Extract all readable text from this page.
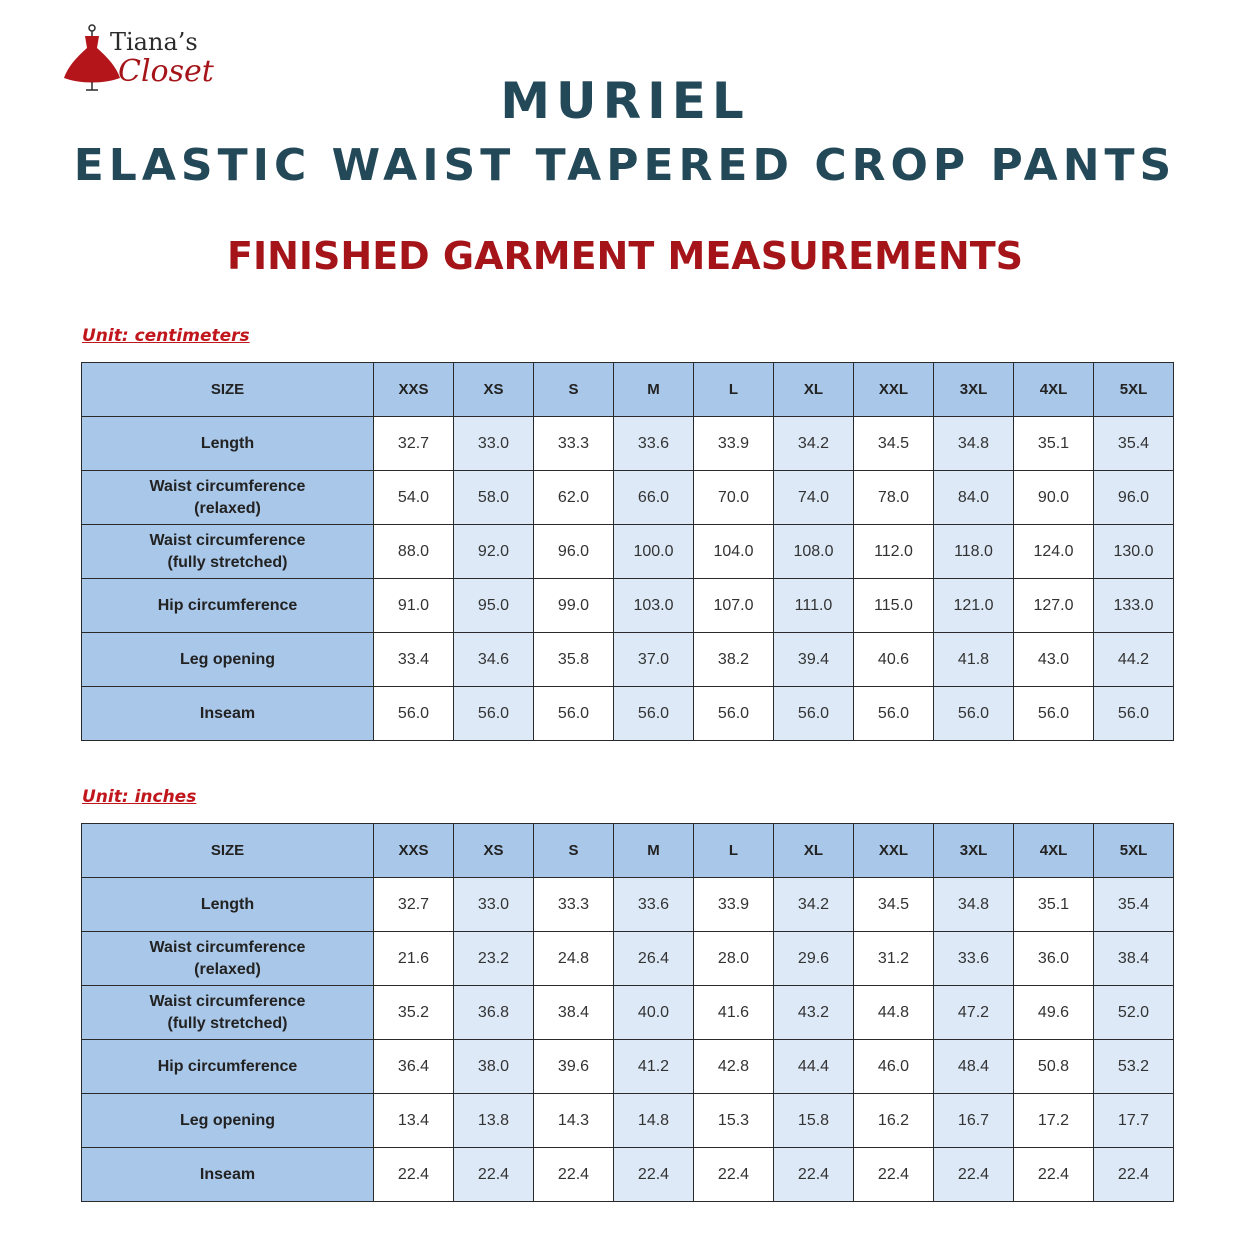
Tiana’s
Closet
MURIEL
ELASTIC WAIST TAPERED CROP PANTS
FINISHED GARMENT MEASUREMENTS
Unit: centimeters
SIZE	XXS	XS	S	M	L	XL	XXL	3XL	4XL	5XL

Length	32.7	33.0	33.3	33.6	33.9	34.2	34.5	34.8	35.1	35.4

Waist circumference
(relaxed)	54.0	58.0	62.0	66.0	70.0	74.0	78.0	84.0	90.0	96.0

Waist circumference
(fully stretched)	88.0	92.0	96.0	100.0	104.0	108.0	112.0	118.0	124.0	130.0

Hip circumference	91.0	95.0	99.0	103.0	107.0	111.0	115.0	121.0	127.0	133.0

Leg opening	33.4	34.6	35.8	37.0	38.2	39.4	40.6	41.8	43.0	44.2

Inseam	56.0	56.0	56.0	56.0	56.0	56.0	56.0	56.0	56.0	56.0
Unit: inches
SIZE	XXS	XS	S	M	L	XL	XXL	3XL	4XL	5XL

Length	32.7	33.0	33.3	33.6	33.9	34.2	34.5	34.8	35.1	35.4

Waist circumference
(relaxed)	21.6	23.2	24.8	26.4	28.0	29.6	31.2	33.6	36.0	38.4

Waist circumference
(fully stretched)	35.2	36.8	38.4	40.0	41.6	43.2	44.8	47.2	49.6	52.0

Hip circumference	36.4	38.0	39.6	41.2	42.8	44.4	46.0	48.4	50.8	53.2

Leg opening	13.4	13.8	14.3	14.8	15.3	15.8	16.2	16.7	17.2	17.7

Inseam	22.4	22.4	22.4	22.4	22.4	22.4	22.4	22.4	22.4	22.4
